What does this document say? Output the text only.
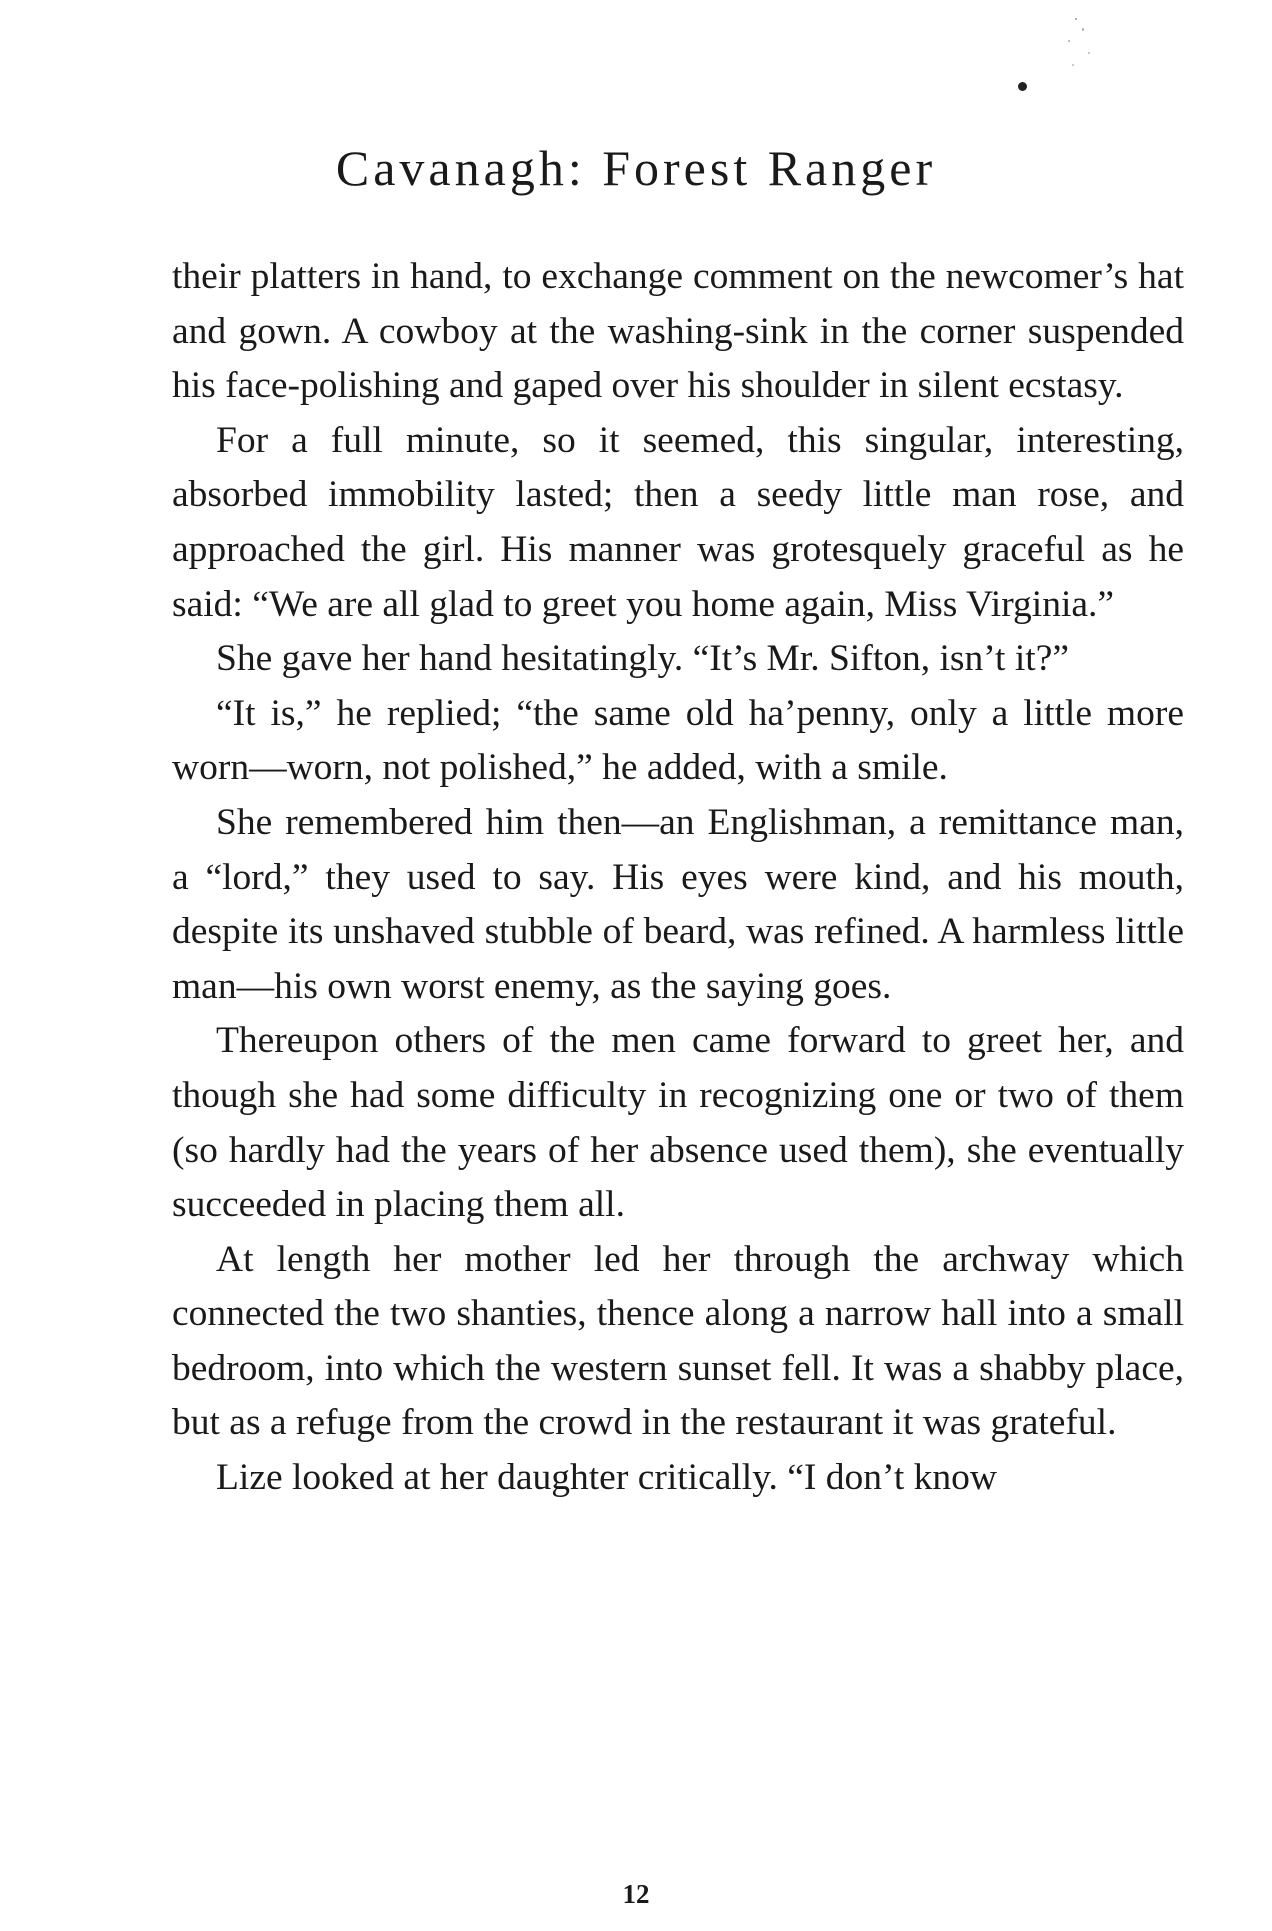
Cavanagh: Forest Ranger

their platters in hand, to exchange comment on the newcomer’s hat and gown. A cowboy at the washing-sink in the corner suspended his face-polishing and gaped over his shoulder in silent ecstasy.

For a full minute, so it seemed, this singular, interesting, absorbed immobility lasted; then a seedy little man rose, and approached the girl. His manner was grotesquely graceful as he said: “We are all glad to greet you home again, Miss Virginia.”

She gave her hand hesitatingly. “It’s Mr. Sifton, isn’t it?”

“It is,” he replied; “the same old ha’penny, only a little more worn—worn, not polished,” he added, with a smile.

She remembered him then—an Englishman, a remittance man, a “lord,” they used to say. His eyes were kind, and his mouth, despite its unshaved stubble of beard, was refined. A harmless little man—his own worst enemy, as the saying goes.

Thereupon others of the men came forward to greet her, and though she had some difficulty in recognizing one or two of them (so hardly had the years of her absence used them), she eventually succeeded in placing them all.

At length her mother led her through the archway which connected the two shanties, thence along a narrow hall into a small bedroom, into which the western sunset fell. It was a shabby place, but as a refuge from the crowd in the restaurant it was grateful.

Lize looked at her daughter critically. “I don’t know

12
